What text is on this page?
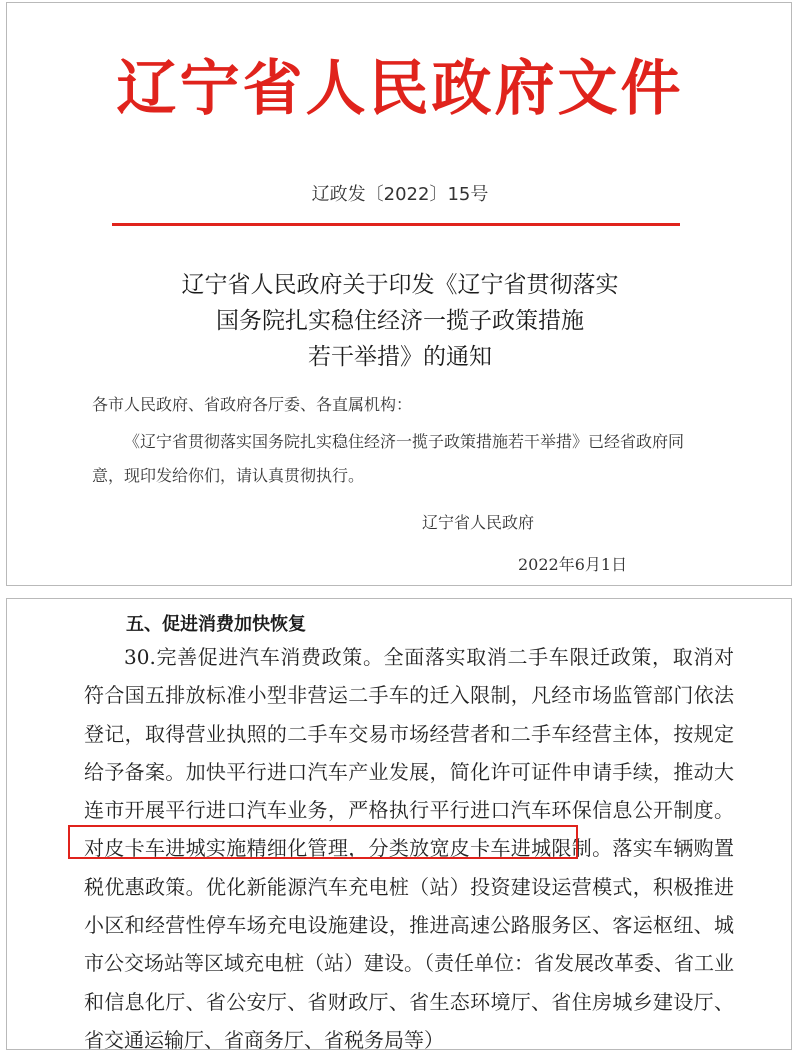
辽宁省人民政府文件
辽政发〔2022〕15号
辽宁省人民政府关于印发《辽宁省贯彻落实
国务院扎实稳住经济一揽子政策措施
若干举措》的通知
各市人民政府、省政府各厅委、各直属机构：
《辽宁省贯彻落实国务院扎实稳住经济一揽子政策措施若干举措》已经省政府同意，现印发给你们，请认真贯彻执行。
辽宁省人民政府
2022年6月1日
五、促进消费加快恢复
30.完善促进汽车消费政策。全面落实取消二手车限迁政策，取消对符合国五排放标准小型非营运二手车的迁入限制，凡经市场监管部门依法登记，取得营业执照的二手车交易市场经营者和二手车经营主体，按规定给予备案。加快平行进口汽车产业发展，简化许可证件申请手续，推动大连市开展平行进口汽车业务，严格执行平行进口汽车环保信息公开制度。对皮卡车进城实施精细化管理，分类放宽皮卡车进城限制。落实车辆购置税优惠政策。优化新能源汽车充电桩（站）投资建设运营模式，积极推进小区和经营性停车场充电设施建设，推进高速公路服务区、客运枢纽、城市公交场站等区域充电桩（站）建设。（责任单位：省发展改革委、省工业和信息化厅、省公安厅、省财政厅、省生态环境厅、省住房城乡建设厅、省交通运输厅、省商务厅、省税务局等）
